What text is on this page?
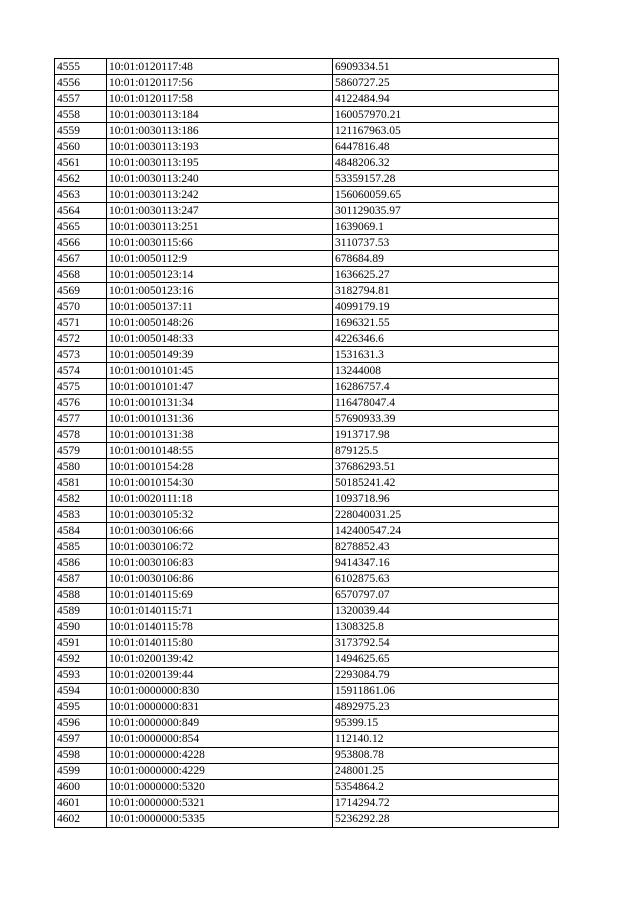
4555	10:01:0120117:48	6909334.51
4556	10:01:0120117:56	5860727.25
4557	10:01:0120117:58	4122484.94
4558	10:01:0030113:184	160057970.21
4559	10:01:0030113:186	121167963.05
4560	10:01:0030113:193	6447816.48
4561	10:01:0030113:195	4848206.32
4562	10:01:0030113:240	53359157.28
4563	10:01:0030113:242	156060059.65
4564	10:01:0030113:247	301129035.97
4565	10:01:0030113:251	1639069.1
4566	10:01:0030115:66	3110737.53
4567	10:01:0050112:9	678684.89
4568	10:01:0050123:14	1636625.27
4569	10:01:0050123:16	3182794.81
4570	10:01:0050137:11	4099179.19
4571	10:01:0050148:26	1696321.55
4572	10:01:0050148:33	4226346.6
4573	10:01:0050149:39	1531631.3
4574	10:01:0010101:45	13244008
4575	10:01:0010101:47	16286757.4
4576	10:01:0010131:34	116478047.4
4577	10:01:0010131:36	57690933.39
4578	10:01:0010131:38	1913717.98
4579	10:01:0010148:55	879125.5
4580	10:01:0010154:28	37686293.51
4581	10:01:0010154:30	50185241.42
4582	10:01:0020111:18	1093718.96
4583	10:01:0030105:32	228040031.25
4584	10:01:0030106:66	142400547.24
4585	10:01:0030106:72	8278852.43
4586	10:01:0030106:83	9414347.16
4587	10:01:0030106:86	6102875.63
4588	10:01:0140115:69	6570797.07
4589	10:01:0140115:71	1320039.44
4590	10:01:0140115:78	1308325.8
4591	10:01:0140115:80	3173792.54
4592	10:01:0200139:42	1494625.65
4593	10:01:0200139:44	2293084.79
4594	10:01:0000000:830	15911861.06
4595	10:01:0000000:831	4892975.23
4596	10:01:0000000:849	95399.15
4597	10:01:0000000:854	112140.12
4598	10:01:0000000:4228	953808.78
4599	10:01:0000000:4229	248001.25
4600	10:01:0000000:5320	5354864.2
4601	10:01:0000000:5321	1714294.72
4602	10:01:0000000:5335	5236292.28
